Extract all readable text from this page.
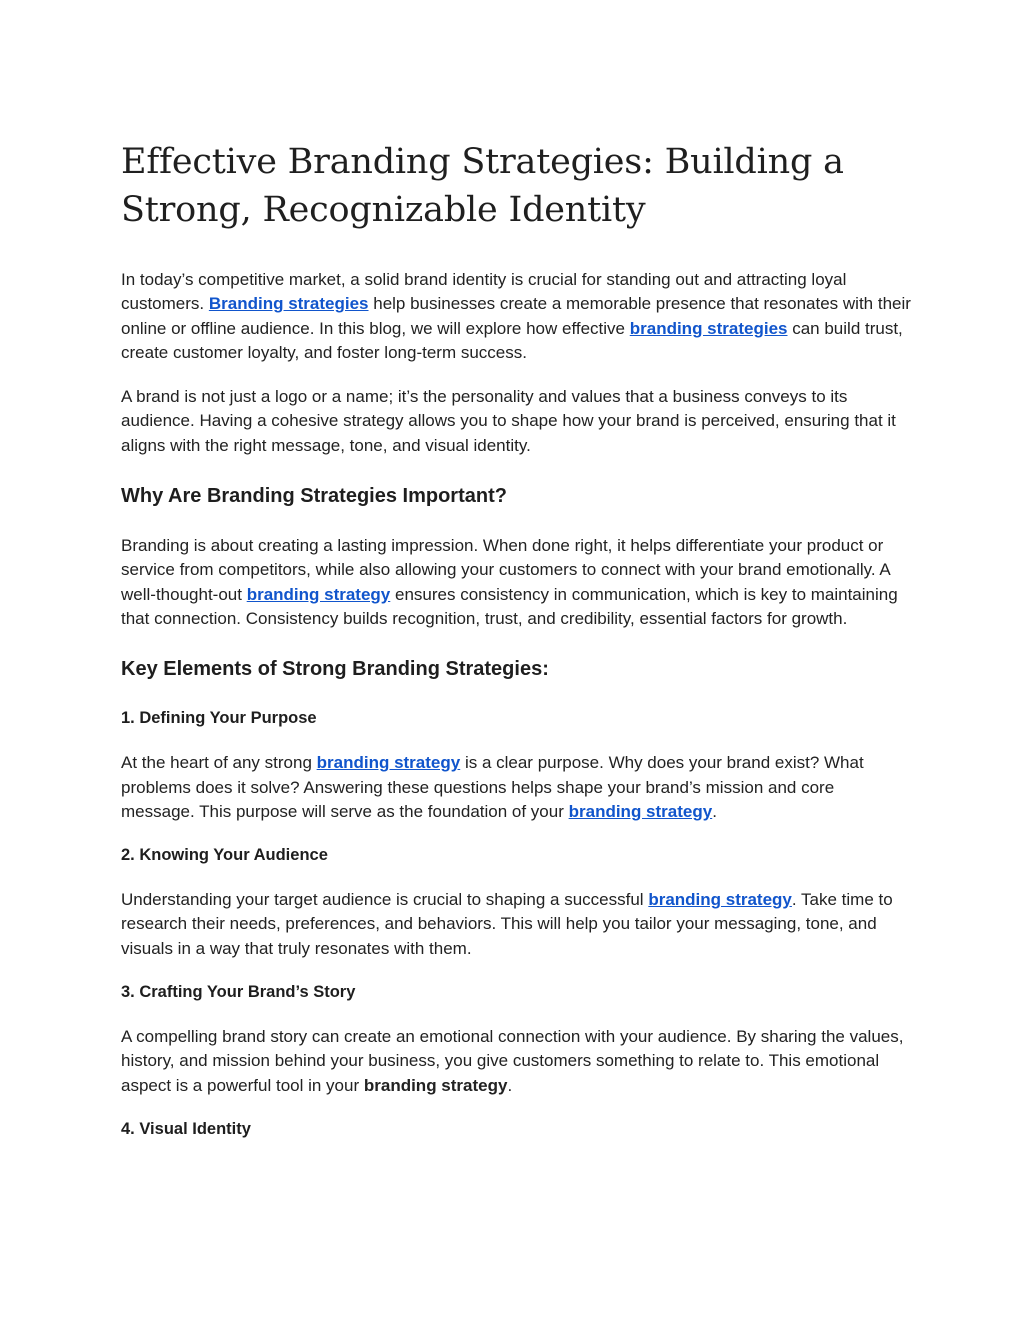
Effective Branding Strategies: Building a Strong, Recognizable Identity

In today’s competitive market, a solid brand identity is crucial for standing out and attracting loyal customers. Branding strategies help businesses create a memorable presence that resonates with their online or offline audience. In this blog, we will explore how effective branding strategies can build trust, create customer loyalty, and foster long-term success.

A brand is not just a logo or a name; it’s the personality and values that a business conveys to its audience. Having a cohesive strategy allows you to shape how your brand is perceived, ensuring that it aligns with the right message, tone, and visual identity.

Why Are Branding Strategies Important?

Branding is about creating a lasting impression. When done right, it helps differentiate your product or service from competitors, while also allowing your customers to connect with your brand emotionally. A well-thought-out branding strategy ensures consistency in communication, which is key to maintaining that connection. Consistency builds recognition, trust, and credibility, essential factors for growth.

Key Elements of Strong Branding Strategies:
1. Defining Your Purpose

At the heart of any strong branding strategy is a clear purpose. Why does your brand exist? What problems does it solve? Answering these questions helps shape your brand’s mission and core message. This purpose will serve as the foundation of your branding strategy.

2. Knowing Your Audience

Understanding your target audience is crucial to shaping a successful branding strategy. Take time to research their needs, preferences, and behaviors. This will help you tailor your messaging, tone, and visuals in a way that truly resonates with them.

3. Crafting Your Brand’s Story

A compelling brand story can create an emotional connection with your audience. By sharing the values, history, and mission behind your business, you give customers something to relate to. This emotional aspect is a powerful tool in your branding strategy.

4. Visual Identity
